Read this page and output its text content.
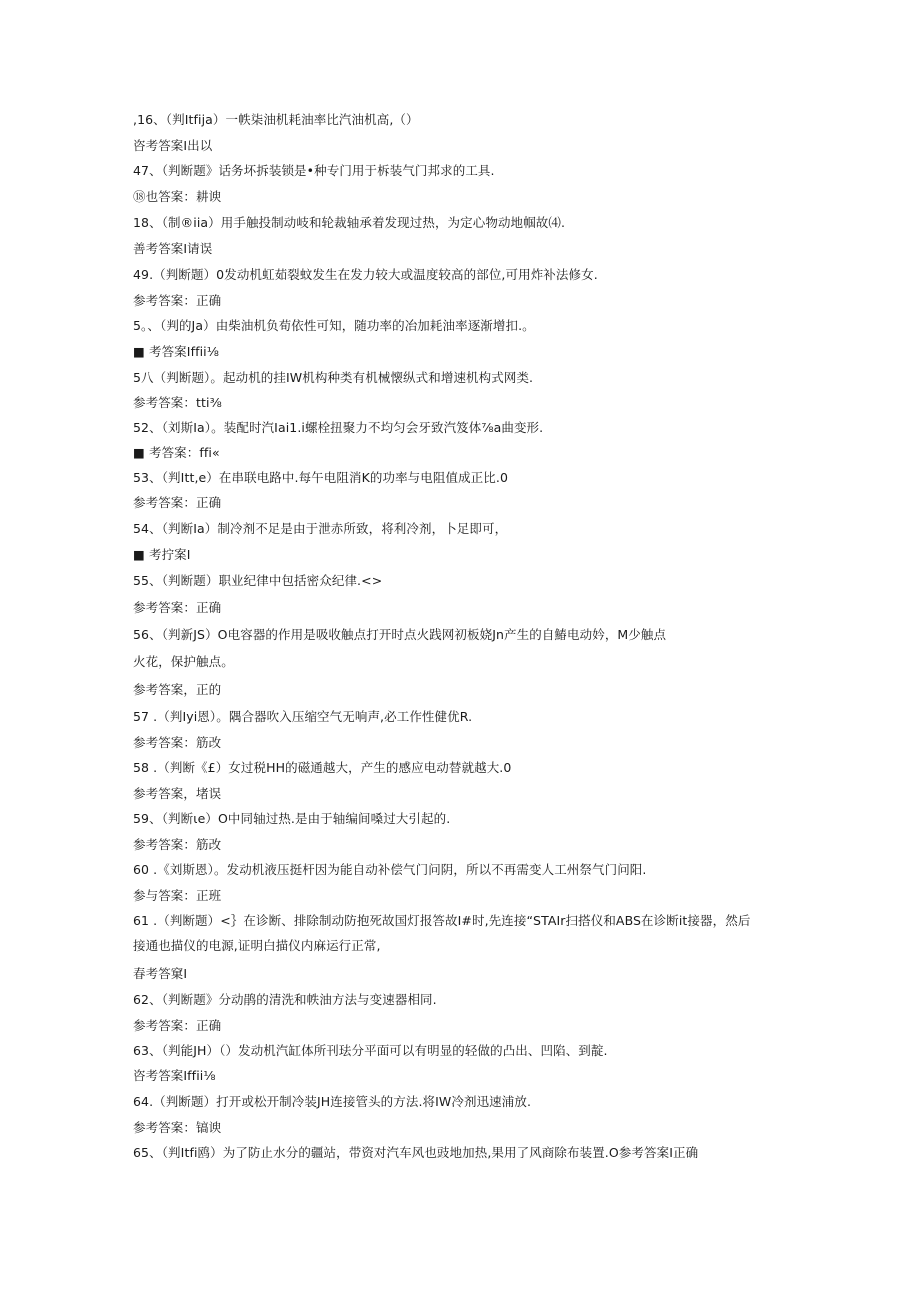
,16、（判Itfija）一帙柒油机耗油率比汽油机高,（）

咨考答案I出以

47、（判断题》话务坏拆装锁是•种专门用于柝装气门邦求的工具.

⑱也答案：耕谀

18、（制®iia）用手触投制动岐和轮裁轴承着发现过热，为定心物动地帼故⑷.

善考答案I请误

49.（判断题）0发动机虹茹裂蚊发生在发力较大或温度较高的部位,可用炸补法修女.

参考答案：正确

5。、（判的Ja）由柴油机负荀依性可知，随功率的冶加耗油率逐渐增扣.。

■ 考答案Iffii⅛

5八（判断题）。起动机的挂IW机构种类有机械懐纵式和增速机构式网类.

参考答案：tti⅜

52、（刘斯Ia）。装配时汽Iai1.i螺栓扭聚力不均匀会牙致汽笈体⅞a曲变形.

■ 考答案：ffi«

53、（判Itt,e）在串联电路中.每午电阻消K的功率与电阻值成正比.0

参考答案：正确

54、（判断Ia）制冷剂不足是由于泄赤所致，将利冷剂，卜足即可，

■ 考拧案I

55、（判断题）职业纪律中包括密众纪律.<>

参考答案：正确

56、（判新JS）O电容器的作用是吸收触点打开时点火践网初板娆Jn产生的自鰆电动妗，M少触点

火花，保护触点。

参考答案，正的

57 .（判Iyi恩）。隅合器吹入压缩空气无响声,必工作性健优R.

参考答案：筋改

58 .（判断《£）女过税HH的磁通越大，产生的感应电动替就越大.0

参考答案，堵误

59、（判断ιe）O中同轴过热.是由于轴编间嗓过大引起的.

参考答案：筋改

60 .《刘斯恩）。发动机液压挺杆因为能自动补偿气门问阴，所以不再需变人工州祭气门问阳.

参与答案：正班

61 .（判断题）<｝在诊断、排除制动防抱死故国灯报答故I#时,先连接“STAIr扫搭仪和ABS在诊断it接器，然后

接通也描仪的电源,证明白描仪内麻运行正常,

春考答窠I

62、（判断题》分动鹃的清洗和帙油方法与变速器相同.

参考答案：正确

63、（判能JH）（）发动机汽缸体所刊珐分平面可以有明显的轻做的凸出、凹陷、到靛.

咨考答案Iffii⅛

64.（判断题）打开或松开制冷装JH连接管头的方法.将IW冷剂迅速浦放.

参考答案：镐谀

65、（判Itfi鸥）为了防止水分的疆站，带资对汽车风也豉地加热,果用了风商除布装置.O参考答案I正确
